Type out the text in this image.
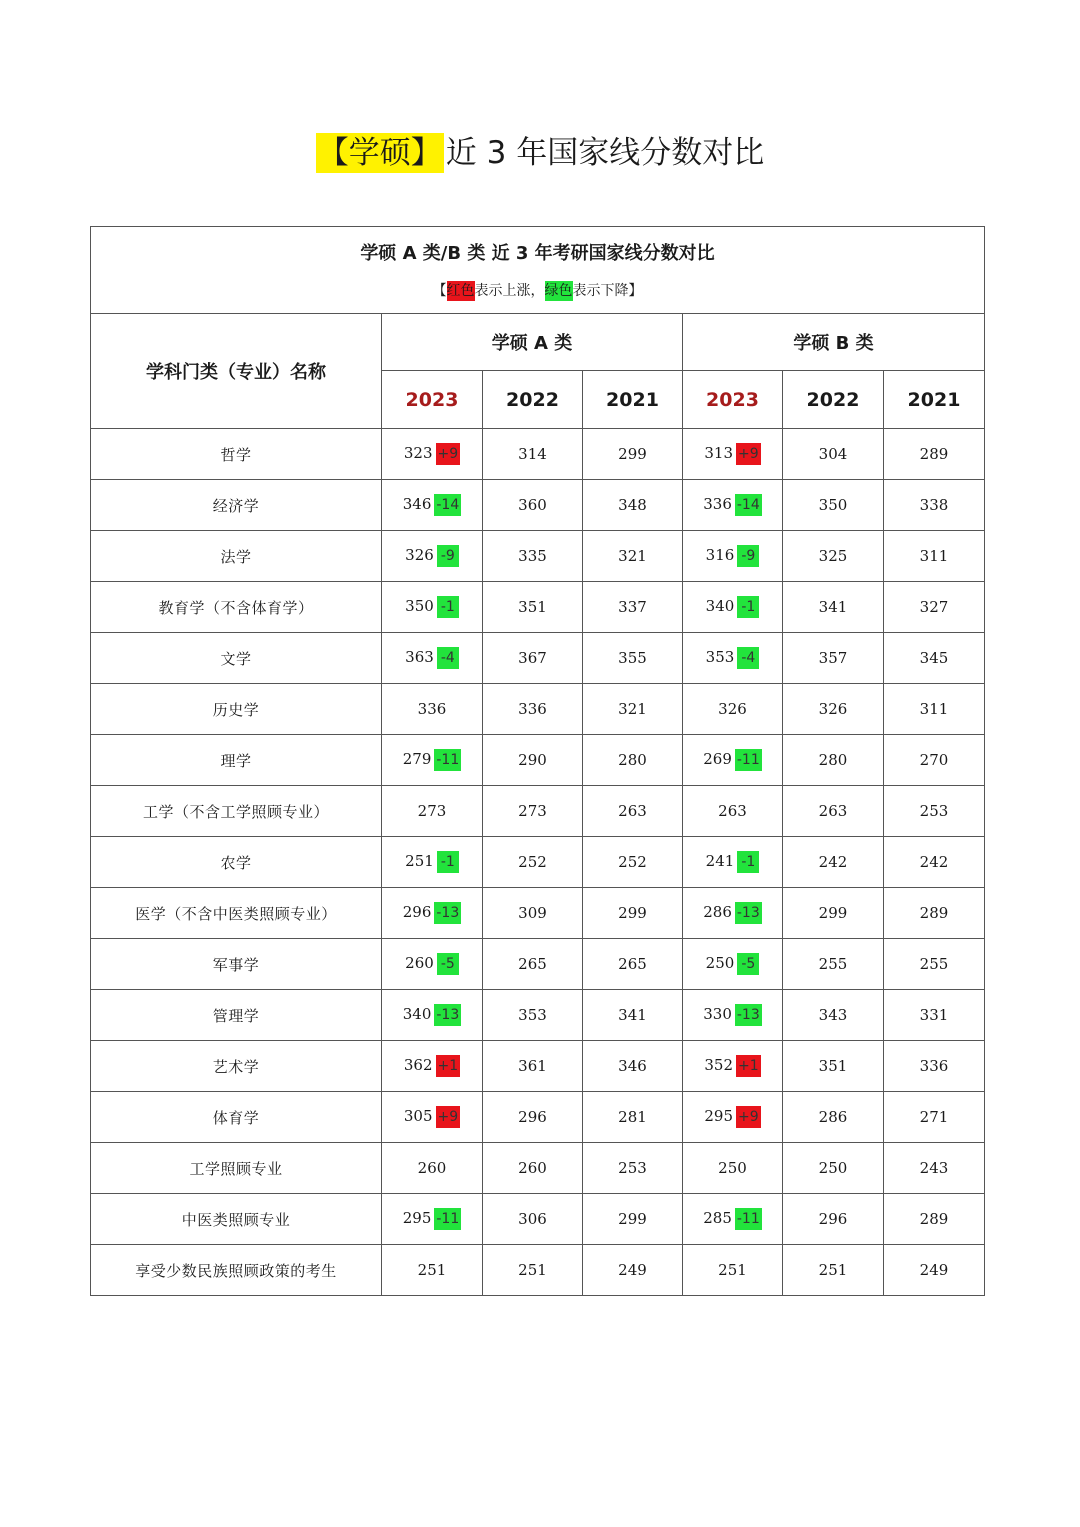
【学硕】 近 3 年国家线分数对比
学硕 A 类/B 类 近 3 年考研国家线分数对比
【红色表示上涨，绿色表示下降】						

学科门类（专业）名称	学硕 A 类			学硕 B 类		
	2023	2022	2021	2023	2022	2021
哲学	323 +9	314	299	313 +9	304	289
经济学	346 -14	360	348	336 -14	350	338
法学	326 -9	335	321	316 -9	325	311
教育学（不含体育学）	350 -1	351	337	340 -1	341	327
文学	363 -4	367	355	353 -4	357	345
历史学	336	336	321	326	326	311
理学	279 -11	290	280	269 -11	280	270
工学（不含工学照顾专业）	273	273	263	263	263	253
农学	251 -1	252	252	241 -1	242	242
医学（不含中医类照顾专业）	296 -13	309	299	286 -13	299	289
军事学	260 -5	265	265	250 -5	255	255
管理学	340 -13	353	341	330 -13	343	331
艺术学	362 +1	361	346	352 +1	351	336
体育学	305 +9	296	281	295 +9	286	271
工学照顾专业	260	260	253	250	250	243
中医类照顾专业	295 -11	306	299	285 -11	296	289
享受少数民族照顾政策的考生	251	251	249	251	251	249
